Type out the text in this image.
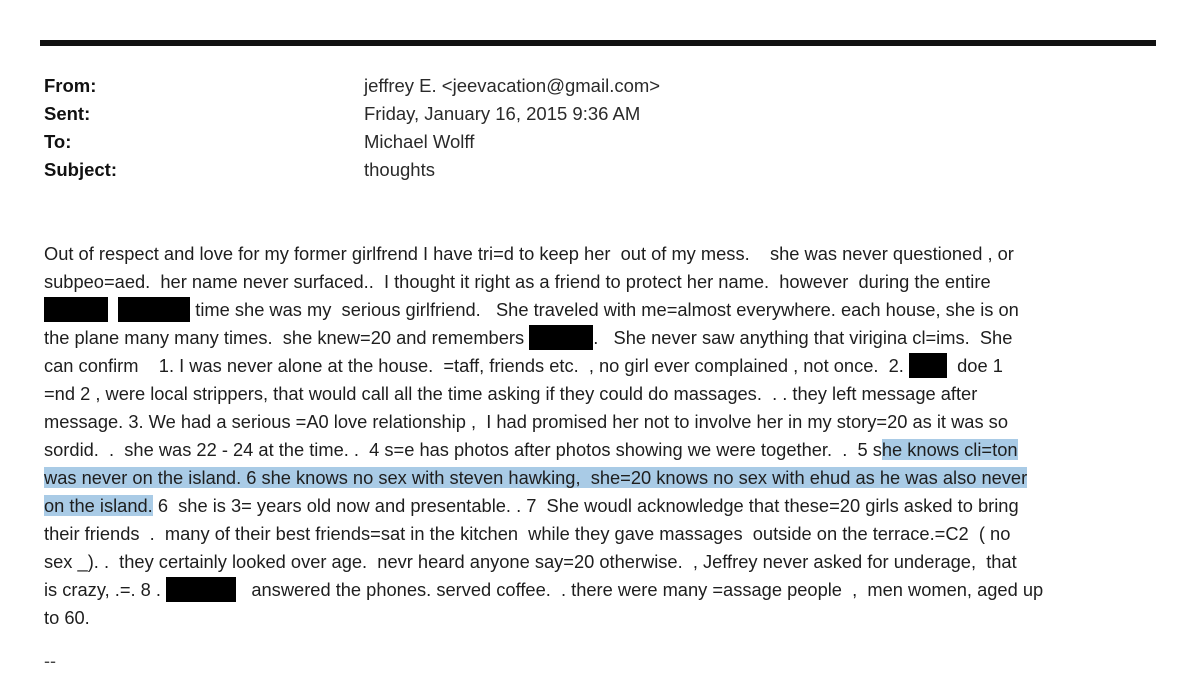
From:	jeffrey E. <jeevacation@gmail.com>
Sent:	Friday, January 16, 2015 9:36 AM
To:	Michael Wolff
Subject:	thoughts
Out of respect and love for my former girlfrend I have tri=d to keep her  out of my mess.    she was never questioned , or
subpeo=aed.  her name never surfaced..  I thought it right as a friend to protect her name.  however  during the entire
time she was my  serious girlfriend.   She traveled with me=almost everywhere. each house, she is on
the plane many many times.  she knew=20 and remembers	.   She never saw anything that virigina cl=ims.  She
can confirm    1. I was never alone at the house.  =taff, friends etc.  , no girl ever complained , not once.  2.	doe 1
=nd 2 , were local strippers, that would call all the time asking if they could do massages.  . . they left message after
message. 3. We had a serious =A0 love relationship ,  I had promised her not to involve her in my story=20 as it was so
sordid.  .  she was 22 - 24 at the time. .  4 s=e has photos after photos showing we were together.  .  5 she knows cli=ton
was never on the island. 6 she knows no sex with steven hawking,  she=20 knows no sex with ehud as he was also never
on the island. 6  she is 3= years old now and presentable. . 7  She woudl acknowledge that these=20 girls asked to bring
their friends  .  many of their best friends=sat in the kitchen  while they gave massages  outside on the terrace.=C2  ( no
sex _). .  they certainly looked over age.  nevr heard anyone say=20 otherwise.  , Jeffrey never asked for underage,  that
is crazy, .=. 8 .	answered the phones. served coffee.  . there were many =assage people  ,  men women, aged up
to 60.
--
